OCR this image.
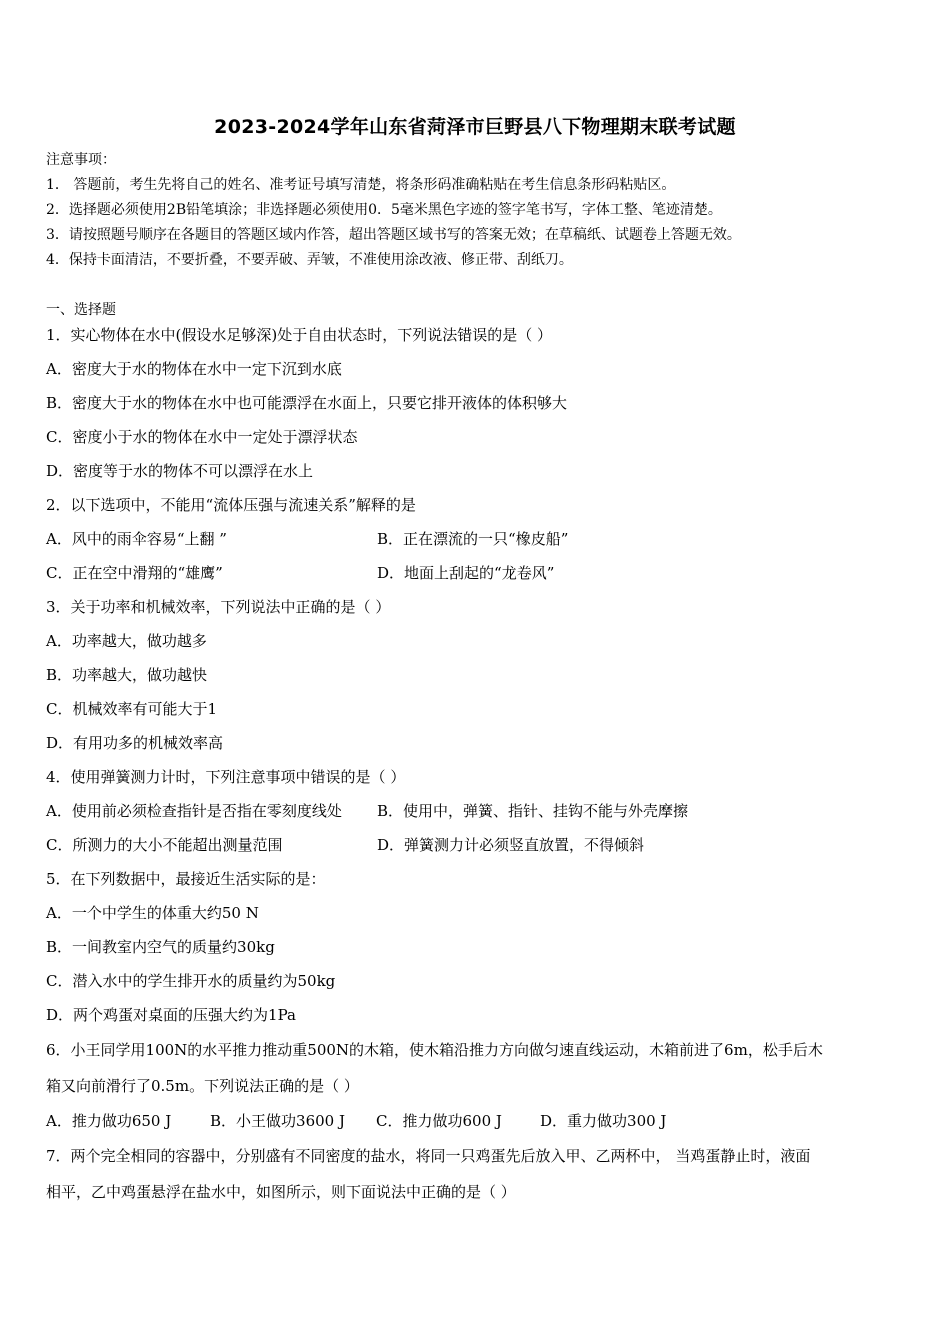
2023-2024学年山东省菏泽市巨野县八下物理期末联考试题
注意事项：
1． 答题前，考生先将自己的姓名、准考证号填写清楚，将条形码准确粘贴在考生信息条形码粘贴区。
2．选择题必须使用2B铅笔填涂；非选择题必须使用0．5毫米黑色字迹的签字笔书写，字体工整、笔迹清楚。
3．请按照题号顺序在各题目的答题区域内作答，超出答题区域书写的答案无效；在草稿纸、试题卷上答题无效。
4．保持卡面清洁，不要折叠，不要弄破、弄皱，不准使用涂改液、修正带、刮纸刀。
一、选择题
1．实心物体在水中(假设水足够深)处于自由状态时，下列说法错误的是（ ）
A．密度大于水的物体在水中一定下沉到水底
B．密度大于水的物体在水中也可能漂浮在水面上，只要它排开液体的体积够大
C．密度小于水的物体在水中一定处于漂浮状态
D．密度等于水的物体不可以漂浮在水上
2．以下选项中，不能用“流体压强与流速关系”解释的是
A．风中的雨伞容易“上翻 ”	B．正在漂流的一只“橡皮船”
C．正在空中滑翔的“雄鹰”	D．地面上刮起的“龙卷风”
3．关于功率和机械效率，下列说法中正确的是（ ）
A．功率越大，做功越多
B．功率越大，做功越快
C．机械效率有可能大于1
D．有用功多的机械效率高
4．使用弹簧测力计时，下列注意事项中错误的是（ ）
A．使用前必须检查指针是否指在零刻度线处 B．使用中，弹簧、指针、挂钩不能与外壳摩擦
C．所测力的大小不能超出测量范围	D．弹簧测力计必须竖直放置，不得倾斜
5．在下列数据中，最接近生活实际的是：
A．一个中学生的体重大约50 N
B．一间教室内空气的质量约30kg
C．潜入水中的学生排开水的质量约为50kg
D．两个鸡蛋对桌面的压强大约为1Pa
6．小王同学用100N的水平推力推动重500N的木箱，使木箱沿推力方向做匀速直线运动，木箱前进了6m，松手后木
箱又向前滑行了0.5m。下列说法正确的是（ ）
A．推力做功650 J	B．小王做功3600 J C．推力做功600 J	D．重力做功300 J
7．两个完全相同的容器中，分别盛有不同密度的盐水，将同一只鸡蛋先后放入甲、乙两杯中， 当鸡蛋静止时，液面
相平，乙中鸡蛋悬浮在盐水中，如图所示，则下面说法中正确的是（ ）
